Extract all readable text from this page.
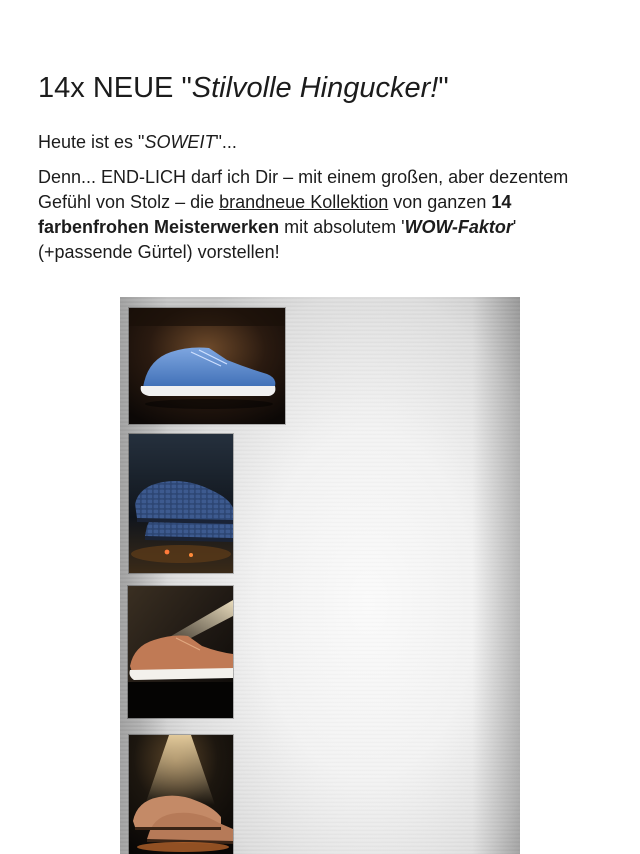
14x NEUE "Stilvolle Hingucker!"

Heute ist es "SOWEIT"...

Denn... END-LICH darf ich Dir – mit einem großen, aber dezentem Gefühl von Stolz – die brandneue Kollektion von ganzen 14 farbenfrohen Meisterwerken mit absolutem 'WOW-Faktor' (+passende Gürtel) vorstellen!
